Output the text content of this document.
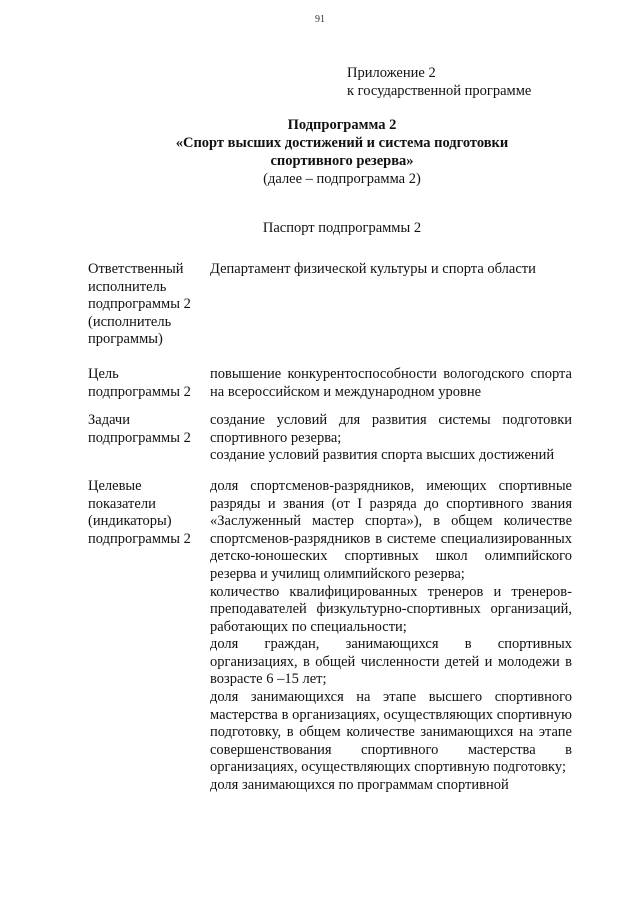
91
Приложение 2
к государственной программе
Подпрограмма 2
«Спорт высших достижений и система подготовки
спортивного резерва»
(далее – подпрограмма 2)
Паспорт подпрограммы 2
Ответственный
исполнитель
подпрограммы 2
(исполнитель
программы)
Департамент физической культуры и спорта области
Цель
подпрограммы 2
повышение конкурентоспособности вологодского спорта на всероссийском и международном уровне
Задачи
подпрограммы 2
создание условий для развития системы подготовки спортивного резерва;
создание условий развития спорта высших достижений
Целевые
показатели
(индикаторы)
подпрограммы 2
доля спортсменов-разрядников, имеющих спортивные разряды и звания (от I разряда до спортивного звания «Заслуженный мастер спорта»), в общем количестве спортсменов-разрядников в системе специализированных детско-юношеских спортивных школ олимпийского резерва и училищ олимпийского резерва;
количество квалифицированных тренеров и тренеров-преподавателей физкультурно-спортивных организаций, работающих по специальности;
доля граждан, занимающихся в спортивных организациях, в общей численности детей и молодежи в возрасте 6 –15 лет;
доля занимающихся на этапе высшего спортивного мастерства в организациях, осуществляющих спортивную подготовку, в общем количестве занимающихся на этапе совершенствования спортивного мастерства в организациях, осуществляющих спортивную подготовку;
доля занимающихся по программам спортивной
